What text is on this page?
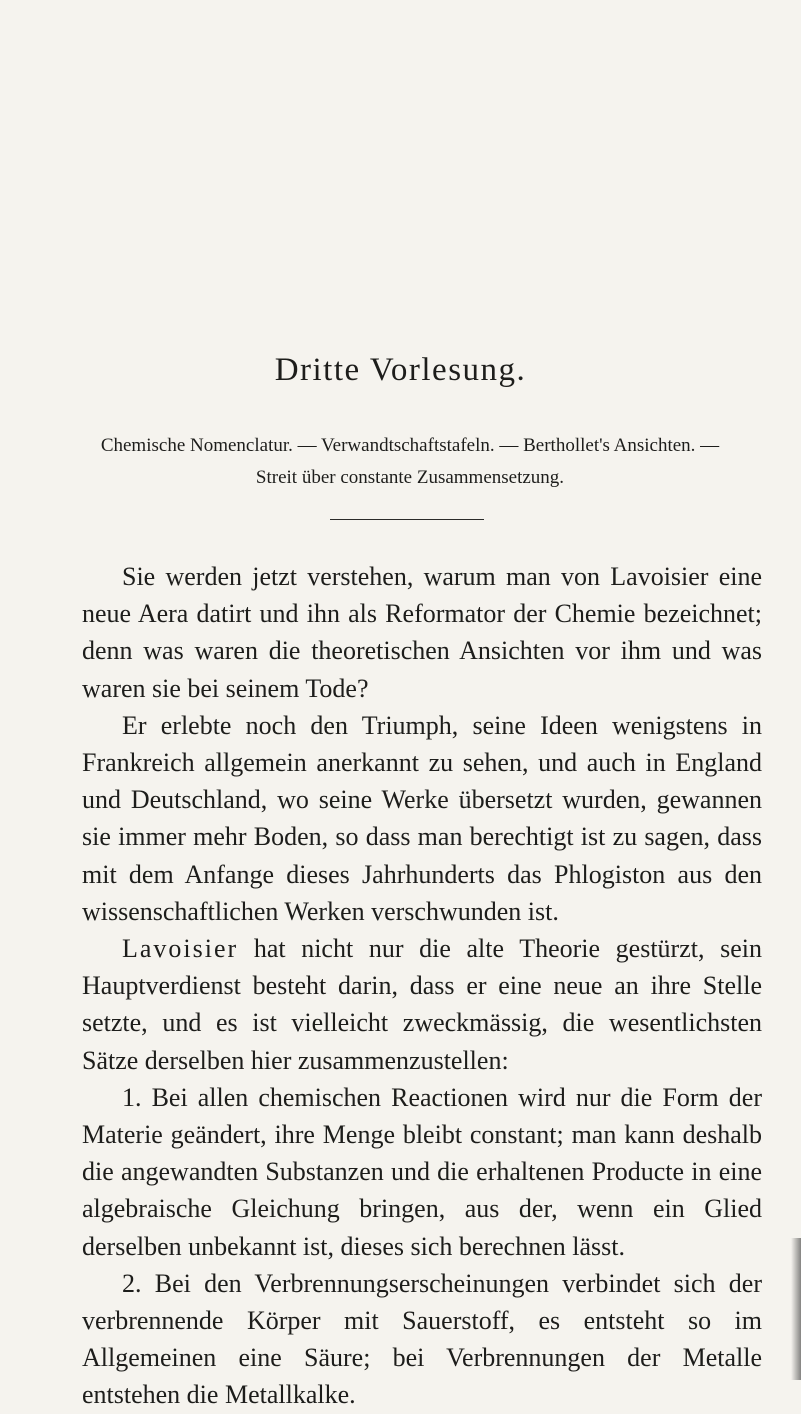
Dritte Vorlesung.
Chemische Nomenclatur. — Verwandtschaftstafeln. — Berthollet's Ansichten. —
Streit über constante Zusammensetzung.

Sie werden jetzt verstehen, warum man von Lavoisier eine neue Aera datirt und ihn als Reformator der Chemie bezeichnet; denn was waren die theoretischen Ansichten vor ihm und was waren sie bei seinem Tode?

Er erlebte noch den Triumph, seine Ideen wenigstens in Frankreich allgemein anerkannt zu sehen, und auch in England und Deutschland, wo seine Werke übersetzt wurden, gewannen sie immer mehr Boden, so dass man berechtigt ist zu sagen, dass mit dem Anfange dieses Jahrhunderts das Phlogiston aus den wissenschaftlichen Werken verschwunden ist.

Lavoisier hat nicht nur die alte Theorie gestürzt, sein Hauptverdienst besteht darin, dass er eine neue an ihre Stelle setzte, und es ist vielleicht zweckmässig, die wesentlichsten Sätze derselben hier zusammenzustellen:

1. Bei allen chemischen Reactionen wird nur die Form der Materie geändert, ihre Menge bleibt constant; man kann deshalb die angewandten Substanzen und die erhaltenen Producte in eine algebraische Gleichung bringen, aus der, wenn ein Glied derselben unbekannt ist, dieses sich berechnen lässt.

2. Bei den Verbrennungserscheinungen verbindet sich der verbrennende Körper mit Sauerstoff, es entsteht so im Allgemeinen eine Säure; bei Verbrennungen der Metalle entstehen die Metallkalke.
